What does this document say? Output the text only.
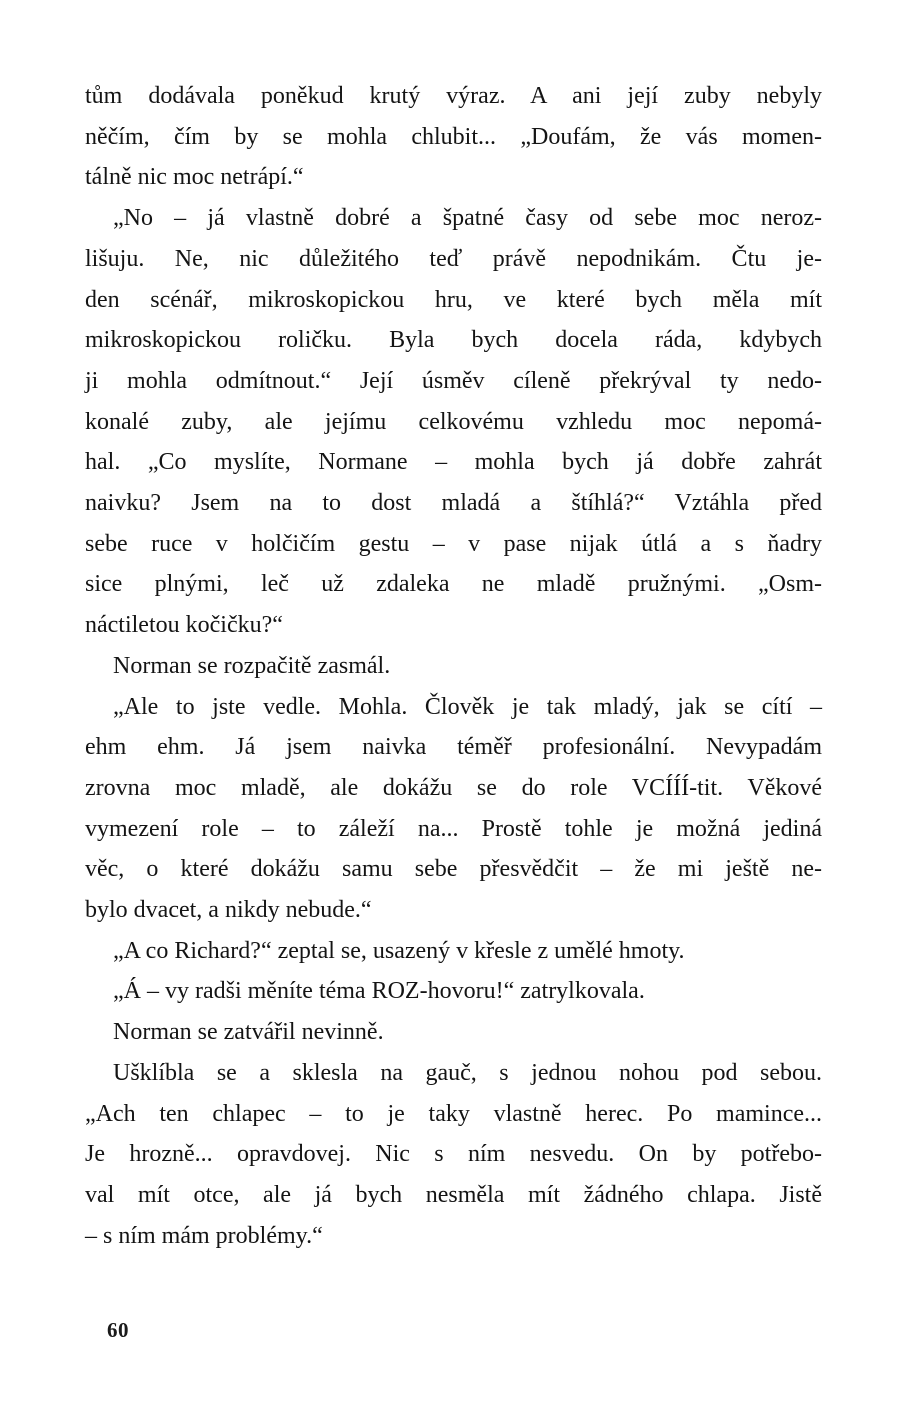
tům dodávala poněkud krutý výraz. A ani její zuby nebyly
něčím, čím by se mohla chlubit... „Doufám, že vás momen-
tálně nic moc netrápí.“
„No – já vlastně dobré a špatné časy od sebe moc neroz-
lišuju. Ne, nic důležitého teď právě nepodnikám. Čtu je-
den scénář, mikroskopickou hru, ve které bych měla mít
mikroskopickou roličku. Byla bych docela ráda, kdybych
ji mohla odmítnout.“ Její úsměv cíleně překrýval ty nedo-
konalé zuby, ale jejímu celkovému vzhledu moc nepomá-
hal. „Co myslíte, Normane – mohla bych já dobře zahrát
naivku? Jsem na to dost mladá a štíhlá?“ Vztáhla před
sebe ruce v holčičím gestu – v pase nijak útlá a s ňadry
sice plnými, leč už zdaleka ne mladě pružnými. „Osm-
náctiletou kočičku?“
Norman se rozpačitě zasmál.
„Ale to jste vedle. Mohla. Člověk je tak mladý, jak se cítí –
ehm ehm. Já jsem naivka téměř profesionální. Nevypadám
zrovna moc mladě, ale dokážu se do role VCÍÍÍ-tit. Věkové
vymezení role – to záleží na... Prostě tohle je možná jediná
věc, o které dokážu samu sebe přesvědčit – že mi ještě ne-
bylo dvacet, a nikdy nebude.“
„A co Richard?“ zeptal se, usazený v křesle z umělé hmoty.
„Á – vy radši měníte téma ROZ-hovoru!“ zatrylkovala.
Norman se zatvářil nevinně.
Ušklíbla se a sklesla na gauč, s jednou nohou pod sebou.
„Ach ten chlapec – to je taky vlastně herec. Po mamince...
Je hrozně... opravdovej. Nic s ním nesvedu. On by potřebo-
val mít otce, ale já bych nesměla mít žádného chlapa. Jistě
– s ním mám problémy.“
60
